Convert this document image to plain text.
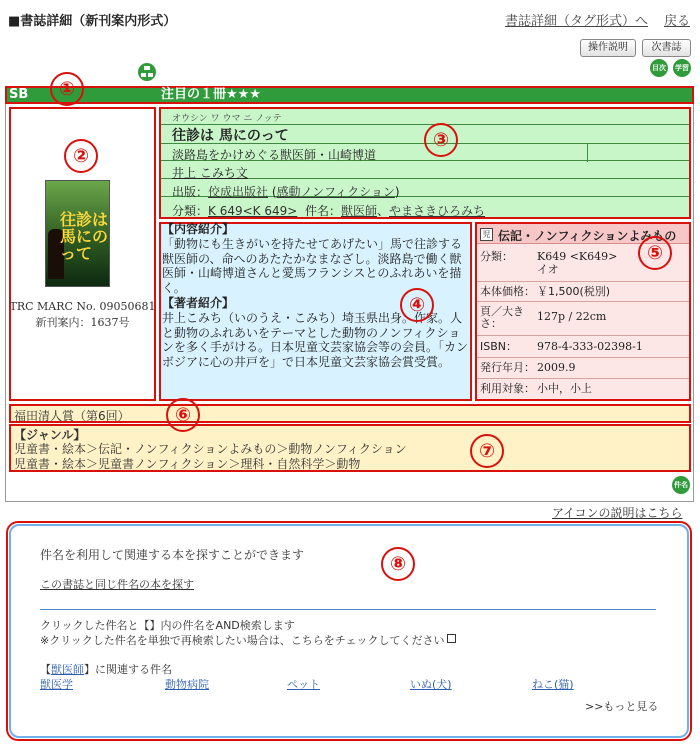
■書誌詳細（新刊案内形式）	書誌詳細（タグ形式）へ 戻る
操作説明	次書誌
目次 学習
SB	注目の１冊★★★
往診は馬にのって
TRC MARC No. 09050681
新刊案内：1637号
オウシン ワ ウマ ニ ノッテ
往診は 馬にのって
淡路島をかけめぐる獣医師・山崎博道
井上 こみち文
出版：佼成出版社 (感動ノンフィクション)
分類：K 649<K 649> 件名：獣医師、やまさきひろみち
【内容紹介】
「動物にも生きがいを持たせてあげたい」馬で往診する獣医師の、命へのあたたかなまなざし。淡路島で働く獣医師・山崎博道さんと愛馬フランシスとのふれあいを描く。
【著者紹介】
井上こみち（いのうえ・こみち）埼玉県出身。作家。人と動物のふれあいをテーマとした動物のノンフィクションを多く手がける。日本児童文芸家協会等の会員。「カンボジアに心の井戸を」で日本児童文芸家協会賞受賞。
児 伝記・ノンフィクションよみもの
分類： K649 <K649>
イオ
本体価格： ￥1,500(税別)
頁／大きさ：
127p / 22cm
ISBN： 978-4-333-02398-1
発行年月： 2009.9
利用対象： 小中，小上
福田清人賞（第6回）
【ジャンル】
児童書・絵本＞伝記・ノンフィクションよみもの＞動物ノンフィクション
児童書・絵本＞児童書ノンフィクション＞理科・自然科学＞動物
件名
アイコンの説明はこちら
件名を利用して関連する本を探すことができます
この書誌と同じ件名の本を探す
クリックした件名と【】内の件名をAND検索します
※クリックした件名を単独で再検索したい場合は、こちらをチェックしてください
【獣医師】に関連する件名
獣医学	動物病院	ペット	いぬ(犬)	ねこ(猫)
>>もっと見る
①
②
③
④
⑤
⑥
⑦
⑧
